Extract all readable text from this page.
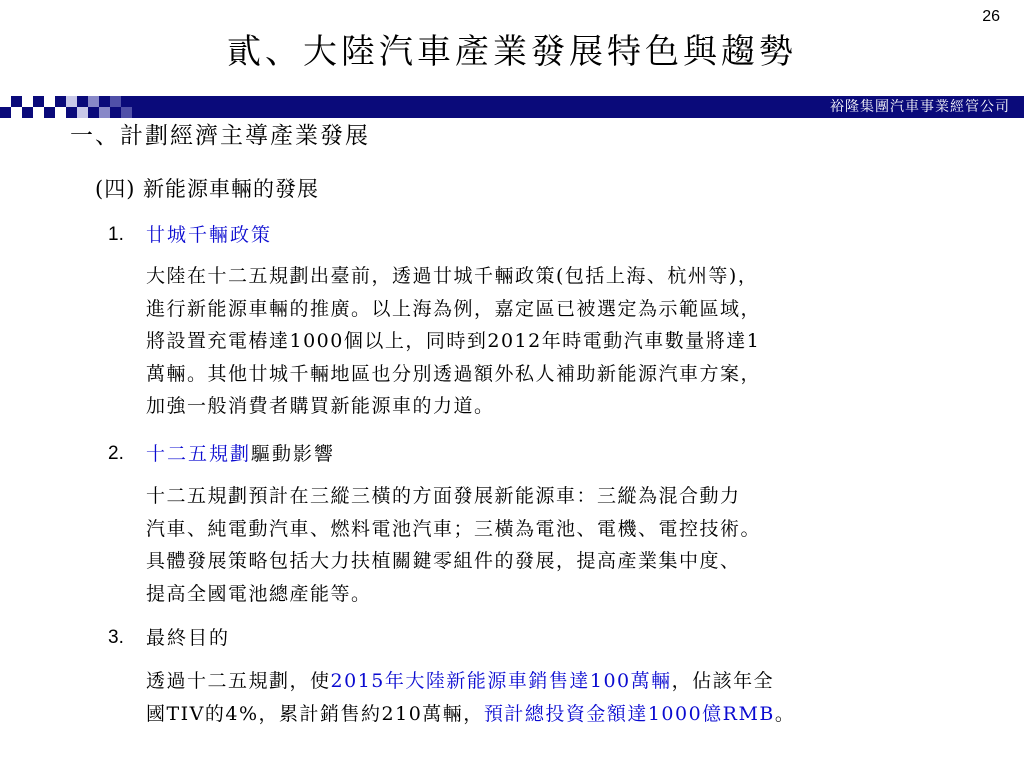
26
貳、大陸汽車產業發展特色與趨勢
裕隆集團汽車事業經管公司
一、計劃經濟主導產業發展
(四) 新能源車輛的發展
1. 廿城千輛政策
大陸在十二五規劃出臺前，透過廿城千輛政策(包括上海、杭州等)，
進行新能源車輛的推廣。以上海為例，嘉定區已被選定為示範區域，
將設置充電樁達1000個以上，同時到2012年時電動汽車數量將達1
萬輛。其他廿城千輛地區也分別透過額外私人補助新能源汽車方案，
加強一般消費者購買新能源車的力道。
2. 十二五規劃驅動影響
十二五規劃預計在三縱三橫的方面發展新能源車：三縱為混合動力
汽車、純電動汽車、燃料電池汽車；三橫為電池、電機、電控技術。
具體發展策略包括大力扶植關鍵零組件的發展，提高產業集中度、
提高全國電池總產能等。
3. 最終目的
透過十二五規劃，使2015年大陸新能源車銷售達100萬輛，佔該年全
國TIV的4%，累計銷售約210萬輛，預計總投資金額達1000億RMB。
